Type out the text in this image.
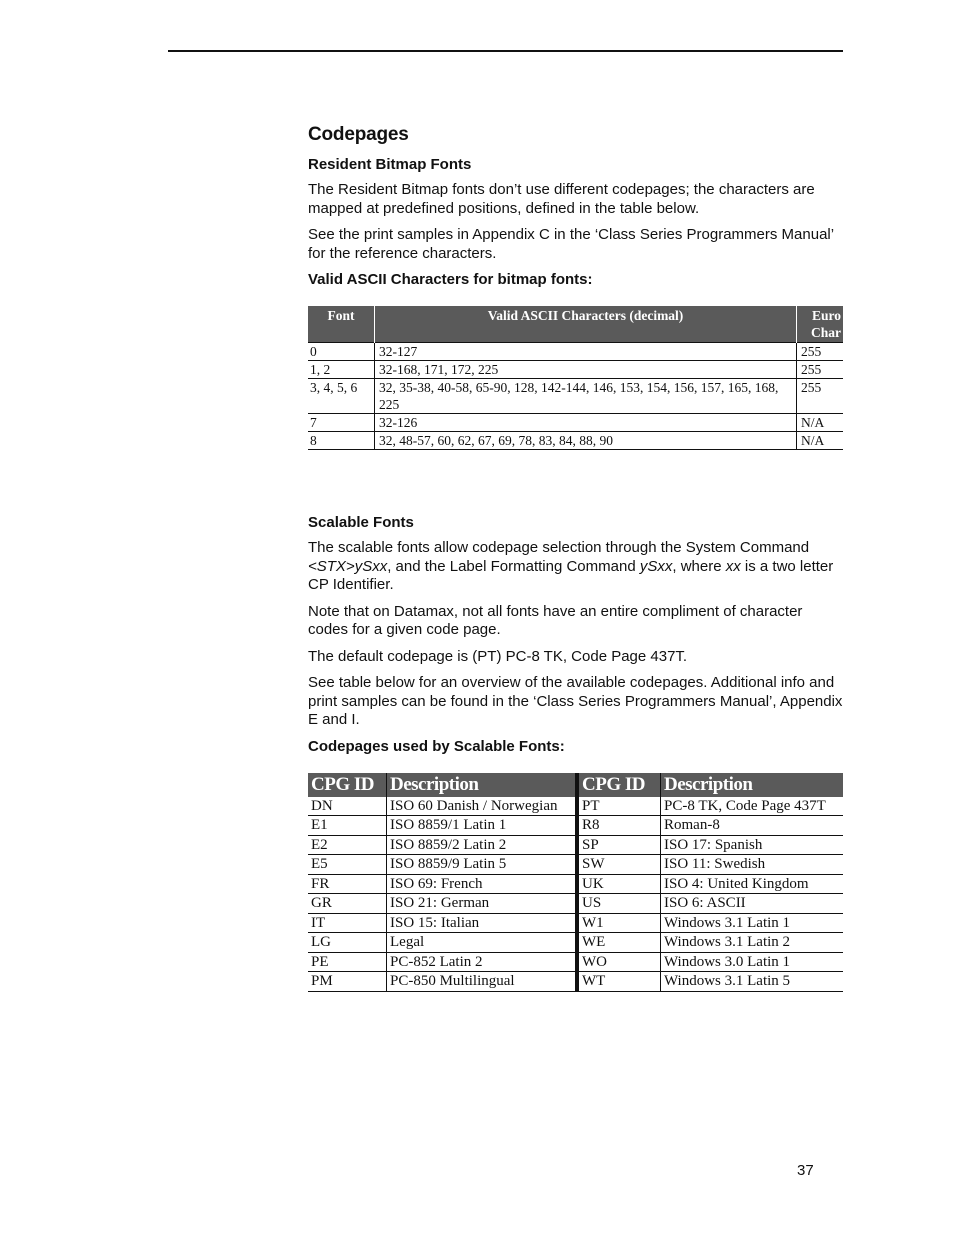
Codepages
Resident Bitmap Fonts

The Resident Bitmap fonts don’t use different codepages; the characters are mapped at predefined positions, defined in the table below.

See the print samples in Appendix C in the ‘Class Series Programmers Manual’ for the reference characters.

Valid ASCII Characters for bitmap fonts:
Font	Valid ASCII Characters (decimal)	Euro Char
0	32-127	255
1, 2	32-168, 171, 172, 225	255
3, 4, 5, 6	32, 35-38, 40-58, 65-90, 128, 142-144, 146, 153, 154, 156, 157, 165, 168, 225	255
7	32-126	N/A
8	32, 48-57, 60, 62, 67, 69, 78, 83, 84, 88, 90	N/A
Scalable Fonts

The scalable fonts allow codepage selection through the System Command <STX>ySxx, and the Label Formatting Command ySxx, where xx is a two letter CP Identifier.

Note that on Datamax, not all fonts have an entire compliment of character codes for a given code page.

The default codepage is (PT) PC-8 TK, Code Page 437T.

See table below for an overview of the available codepages. Additional info and print samples can be found in the ‘Class Series Programmers Manual’, Appendix E and I.

Codepages used by Scalable Fonts:
CPG ID	Description	CPG ID	Description
DN	ISO 60 Danish / Norwegian	PT	PC-8 TK, Code Page 437T
E1	ISO 8859/1 Latin 1	R8	Roman-8
E2	ISO 8859/2 Latin 2	SP	ISO 17: Spanish
E5	ISO 8859/9 Latin 5	SW	ISO 11: Swedish
FR	ISO 69: French	UK	ISO 4: United Kingdom
GR	ISO 21: German	US	ISO 6: ASCII
IT	ISO 15: Italian	W1	Windows 3.1 Latin 1
LG	Legal	WE	Windows 3.1 Latin 2
PE	PC-852 Latin 2	WO	Windows 3.0 Latin 1
PM	PC-850 Multilingual	WT	Windows 3.1 Latin 5
37
